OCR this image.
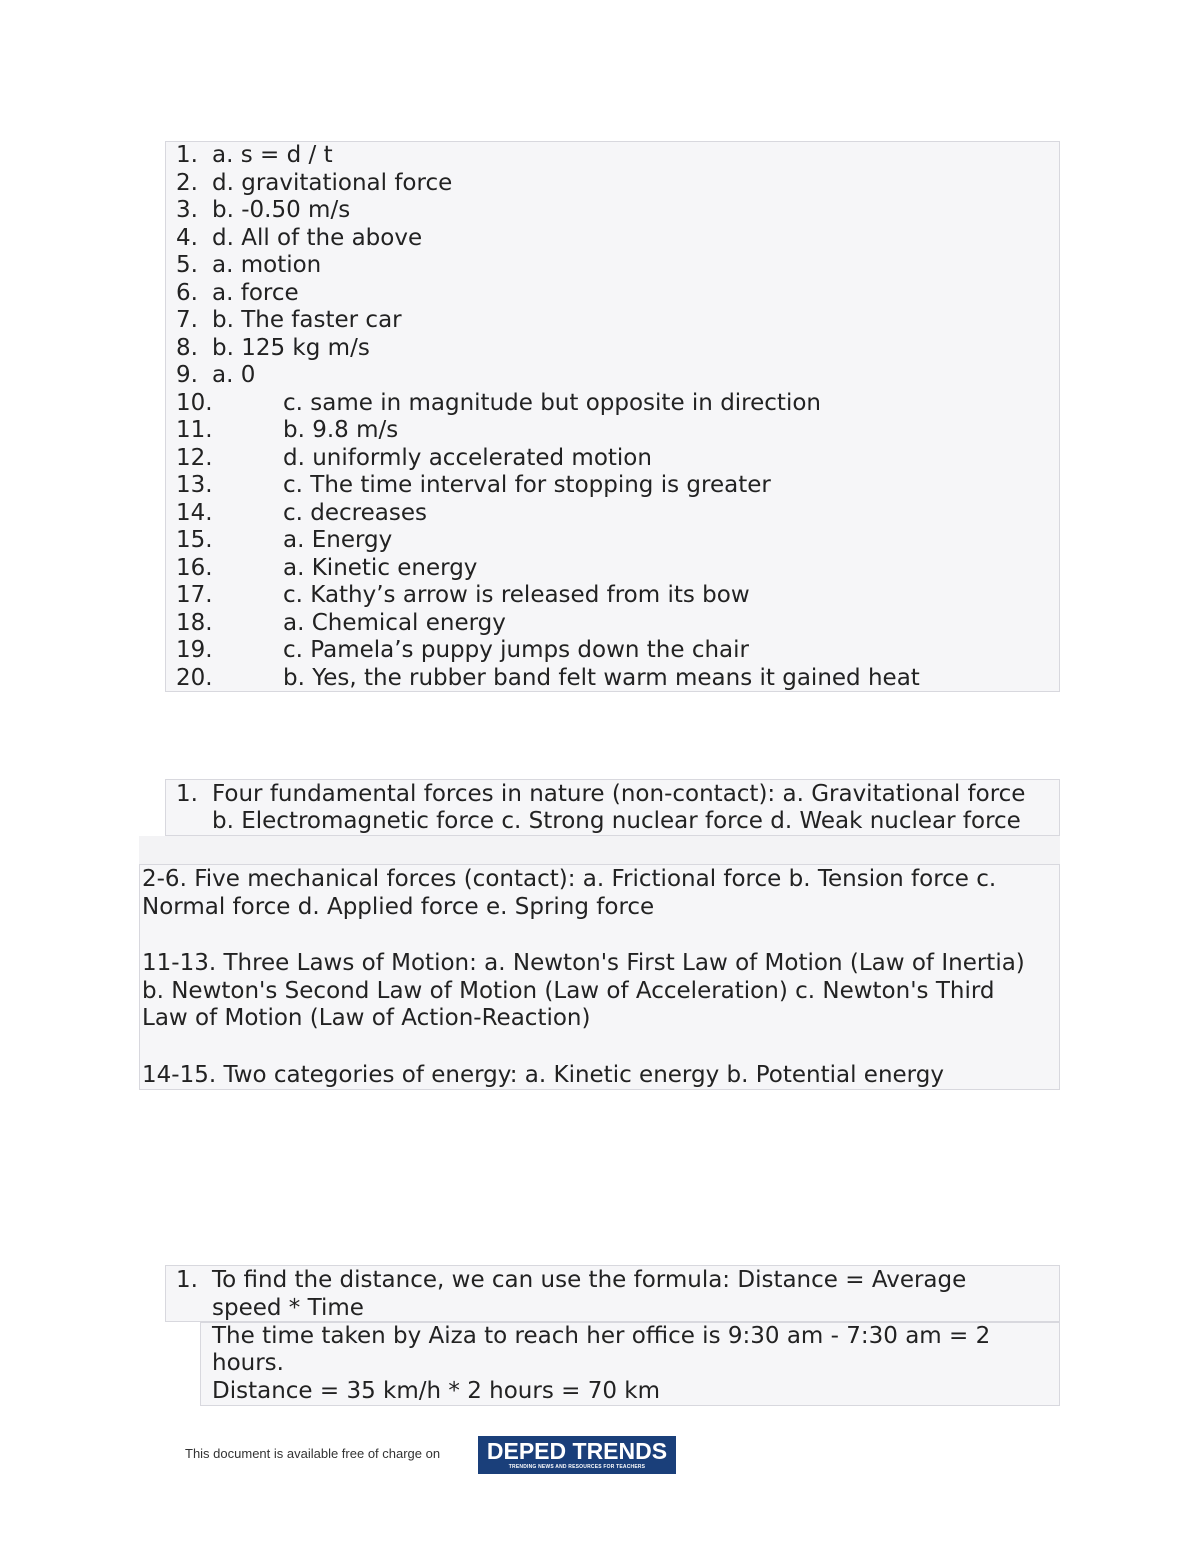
1. a. s = d / t
2. d. gravitational force
3. b. -0.50 m/s
4. d. All of the above
5. a. motion
6. a. force
7. b. The faster car
8. b. 125 kg m/s
9. a. 0
10.	c. same in magnitude but opposite in direction
11.	b. 9.8 m/s
12.	d. uniformly accelerated motion
13.	c. The time interval for stopping is greater
14.	c. decreases
15.	a. Energy
16.	a. Kinetic energy
17.	c. Kathy’s arrow is released from its bow
18.	a. Chemical energy
19.	c. Pamela’s puppy jumps down the chair
20.	b. Yes, the rubber band felt warm means it gained heat
1. Four fundamental forces in nature (non-contact): a. Gravitational force
b. Electromagnetic force c. Strong nuclear force d. Weak nuclear force
2-6. Five mechanical forces (contact): a. Frictional force b. Tension force c.
Normal force d. Applied force e. Spring force
11-13. Three Laws of Motion: a. Newton's First Law of Motion (Law of Inertia)
b. Newton's Second Law of Motion (Law of Acceleration) c. Newton's Third
Law of Motion (Law of Action-Reaction)
14-15. Two categories of energy: a. Kinetic energy b. Potential energy
1. To find the distance, we can use the formula: Distance = Average
speed * Time
The time taken by Aiza to reach her office is 9:30 am - 7:30 am = 2
hours.
Distance = 35 km/h * 2 hours = 70 km
This document is available free of charge on	DEPED TRENDS
TRENDING NEWS AND RESOURCES FOR TEACHERS
